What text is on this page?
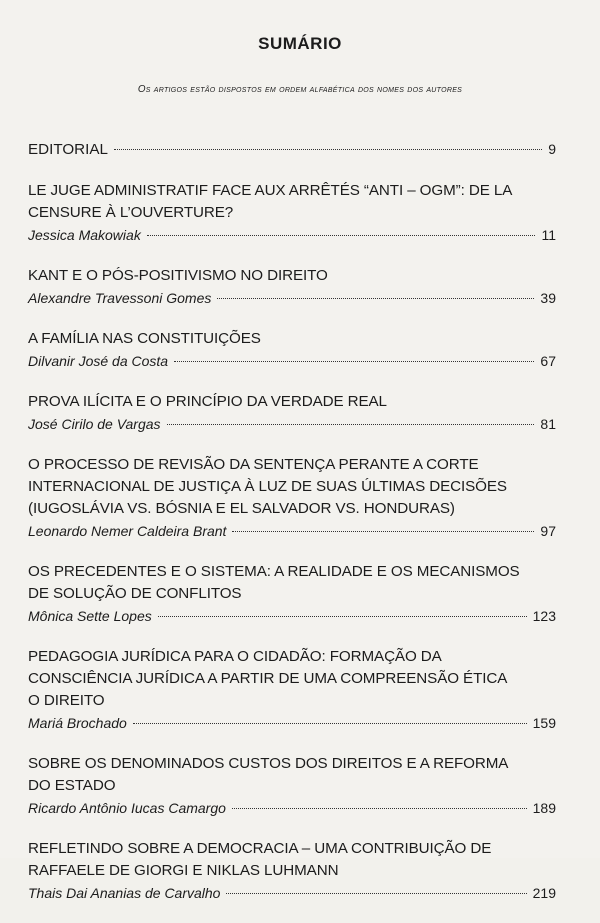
SUMÁRIO
Os artigos estão dispostos em ordem alfabética dos nomes dos autores
EDITORIAL	9
LE JUGE ADMINISTRATIF FACE AUX ARRÊTÉS “ANTI – OGM”: DE LA
CENSURE À L’OUVERTURE?
Jessica Makowiak	11
KANT E O PÓS-POSITIVISMO NO DIREITO
Alexandre Travessoni Gomes	39
A FAMÍLIA NAS CONSTITUIÇÕES
Dilvanir José da Costa	67
PROVA ILÍCITA E O PRINCÍPIO DA VERDADE REAL
José Cirilo de Vargas	81
O PROCESSO DE REVISÃO DA SENTENÇA PERANTE A CORTE
INTERNACIONAL DE JUSTIÇA À LUZ DE SUAS ÚLTIMAS DECISÕES
(IUGOSLÁVIA VS. BÓSNIA E EL SALVADOR VS. HONDURAS)
Leonardo Nemer Caldeira Brant	97
OS PRECEDENTES E O SISTEMA: A REALIDADE E OS MECANISMOS
DE SOLUÇÃO DE CONFLITOS
Mônica Sette Lopes	123
PEDAGOGIA JURÍDICA PARA O CIDADÃO: FORMAÇÃO DA
CONSCIÊNCIA JURÍDICA A PARTIR DE UMA COMPREENSÃO ÉTICA
O DIREITO
Mariá Brochado	159
SOBRE OS DENOMINADOS CUSTOS DOS DIREITOS E A REFORMA
DO ESTADO
Ricardo Antônio Iucas Camargo	189
REFLETINDO SOBRE A DEMOCRACIA – UMA CONTRIBUIÇÃO DE
RAFFAELE DE GIORGI E NIKLAS LUHMANN
Thais Dai Ananias de Carvalho	219
